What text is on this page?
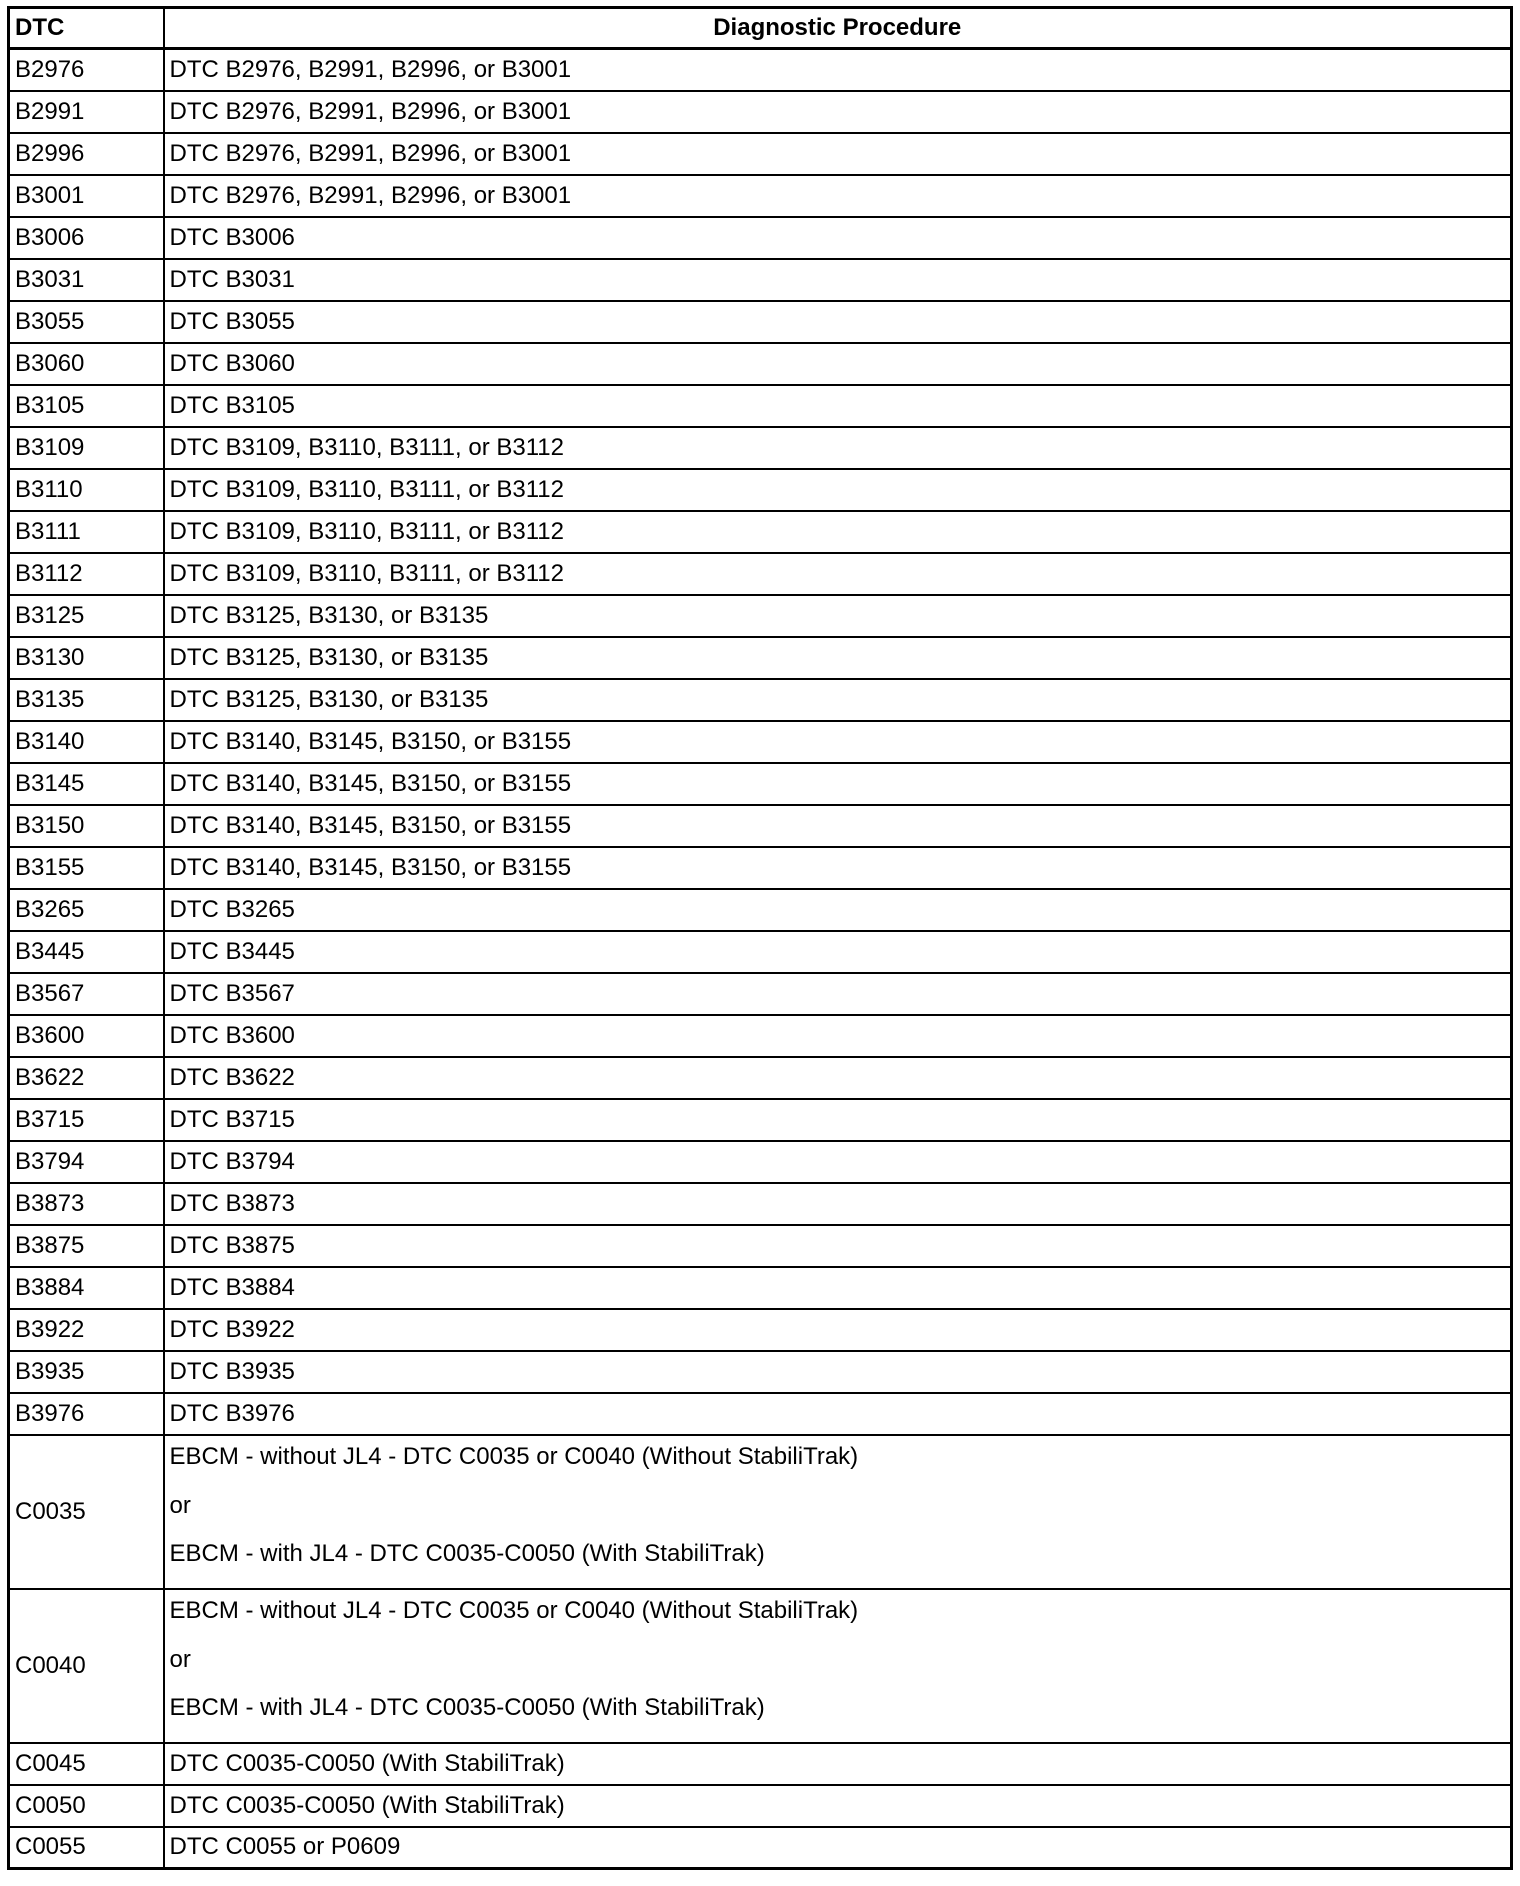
DTC	Diagnostic Procedure
B2976	DTC B2976, B2991, B2996, or B3001
B2991	DTC B2976, B2991, B2996, or B3001
B2996	DTC B2976, B2991, B2996, or B3001
B3001	DTC B2976, B2991, B2996, or B3001
B3006	DTC B3006
B3031	DTC B3031
B3055	DTC B3055
B3060	DTC B3060
B3105	DTC B3105
B3109	DTC B3109, B3110, B3111, or B3112
B3110	DTC B3109, B3110, B3111, or B3112
B3111	DTC B3109, B3110, B3111, or B3112
B3112	DTC B3109, B3110, B3111, or B3112
B3125	DTC B3125, B3130, or B3135
B3130	DTC B3125, B3130, or B3135
B3135	DTC B3125, B3130, or B3135
B3140	DTC B3140, B3145, B3150, or B3155
B3145	DTC B3140, B3145, B3150, or B3155
B3150	DTC B3140, B3145, B3150, or B3155
B3155	DTC B3140, B3145, B3150, or B3155
B3265	DTC B3265
B3445	DTC B3445
B3567	DTC B3567
B3600	DTC B3600
B3622	DTC B3622
B3715	DTC B3715
B3794	DTC B3794
B3873	DTC B3873
B3875	DTC B3875
B3884	DTC B3884
B3922	DTC B3922
B3935	DTC B3935
B3976	DTC B3976
C0035	EBCM - without JL4 - DTC C0035 or C0040 (Without StabiliTrak)
or
EBCM - with JL4 - DTC C0035-C0050 (With StabiliTrak)

C0040	EBCM - without JL4 - DTC C0035 or C0040 (Without StabiliTrak)
or
EBCM - with JL4 - DTC C0035-C0050 (With StabiliTrak)

C0045	DTC C0035-C0050 (With StabiliTrak)
C0050	DTC C0035-C0050 (With StabiliTrak)
C0055	DTC C0055 or P0609
